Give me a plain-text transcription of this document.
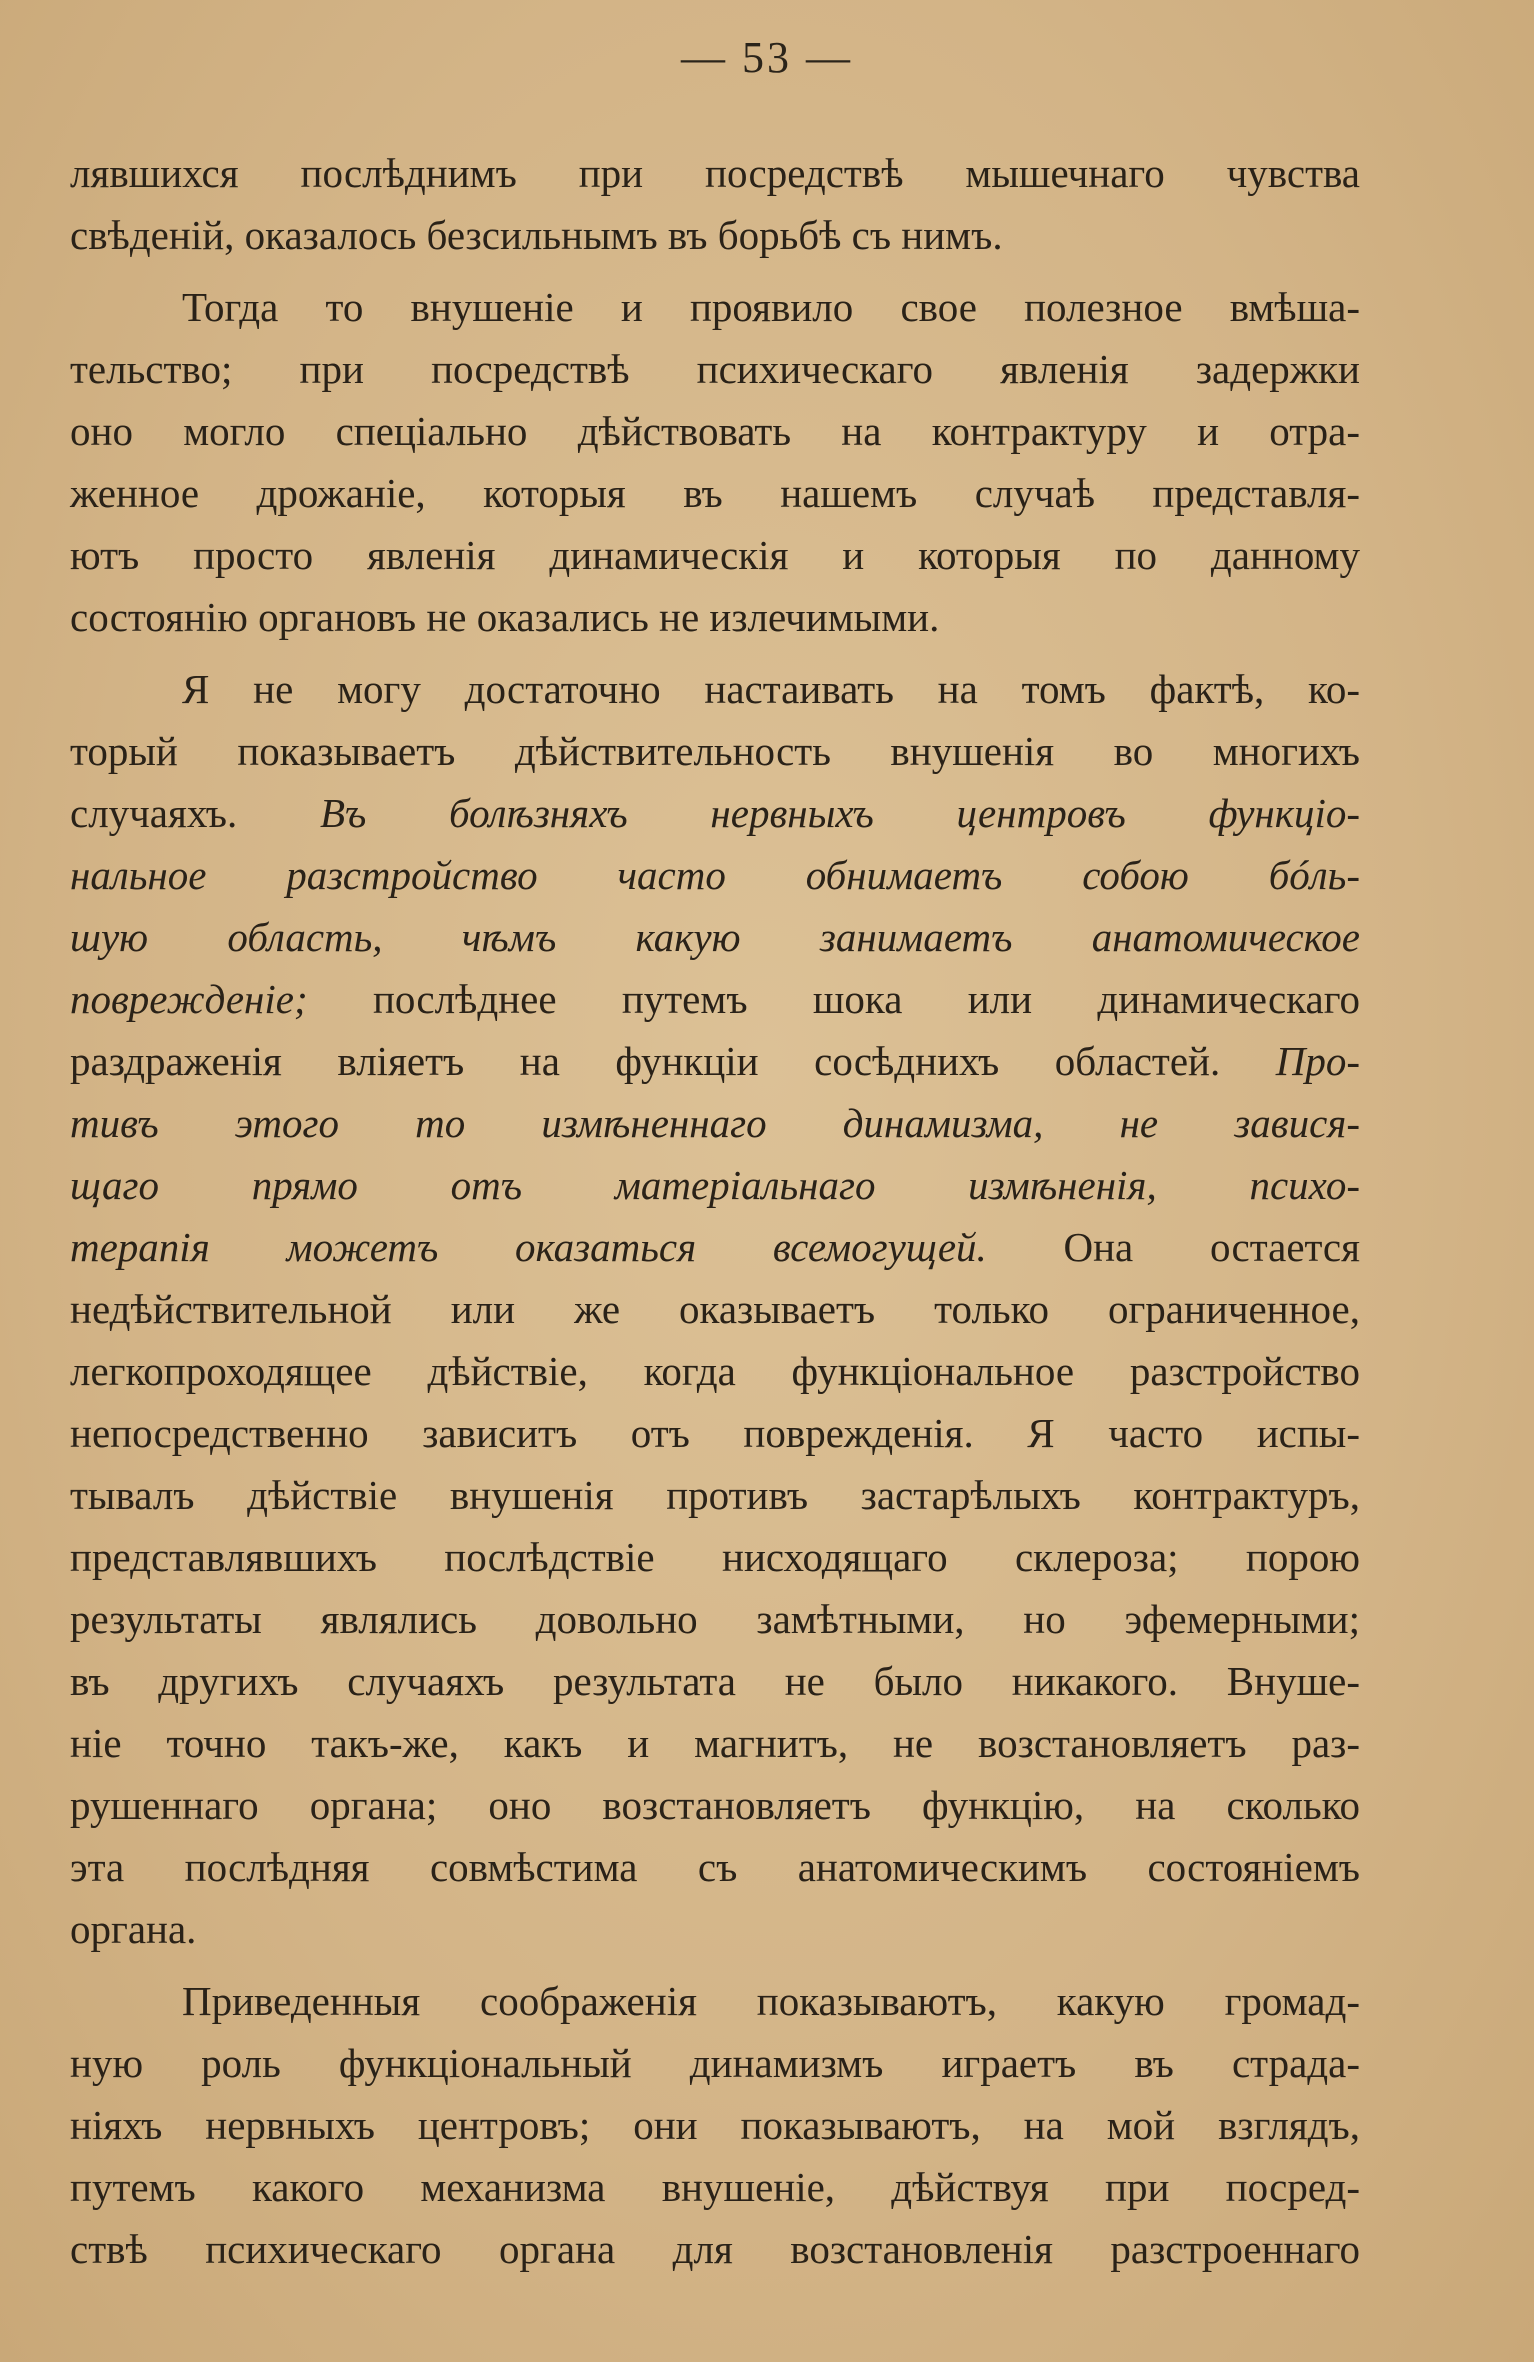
— 53 —
лявшихся послѣднимъ при посредствѣ мышечнаго чувства
свѣденій, оказалось безсильнымъ въ борьбѣ съ нимъ.
Тогда то внушеніе и проявило свое полезное вмѣша-
тельство; при посредствѣ психическаго явленія задержки
оно могло спеціально дѣйствовать на контрактуру и отра-
женное дрожаніе, которыя въ нашемъ случаѣ представля-
ютъ просто явленія динамическія и которыя по данному
состоянію органовъ не оказались не излечимыми.
Я не могу достаточно настаивать на томъ фактѣ, ко-
торый показываетъ дѣйствительность внушенія во многихъ
случаяхъ. Въ болѣзняхъ нервныхъ центровъ функціо-
нальное разстройство часто обнимаетъ собою бóль-
шую область, чѣмъ какую занимаетъ анатомическое
поврежденіе; послѣднее путемъ шока или динамическаго
раздраженія вліяетъ на функціи сосѣднихъ областей. Про-
тивъ этого то измѣненнаго динамизма, не завися-
щаго прямо отъ матеріальнаго измѣненія, психо-
терапія можетъ оказаться всемогущей. Она остается
недѣйствительной или же оказываетъ только ограниченное,
легкопроходящее дѣйствіе, когда функціональное разстройство
непосредственно зависитъ отъ поврежденія. Я часто испы-
тывалъ дѣйствіе внушенія противъ застарѣлыхъ контрактуръ,
представлявшихъ послѣдствіе нисходящаго склероза; порою
результаты являлись довольно замѣтными, но эфемерными;
въ другихъ случаяхъ результата не было никакого. Внуше-
ніе точно такъ-же, какъ и магнитъ, не возстановляетъ раз-
рушеннаго органа; оно возстановляетъ функцію, на сколько
эта послѣдняя совмѣстима съ анатомическимъ состояніемъ
органа.
Приведенныя соображенія показываютъ, какую громад-
ную роль функціональный динамизмъ играетъ въ страда-
ніяхъ нервныхъ центровъ; они показываютъ, на мой взглядъ,
путемъ какого механизма внушеніе, дѣйствуя при посред-
ствѣ психическаго органа для возстановленія разстроеннаго
